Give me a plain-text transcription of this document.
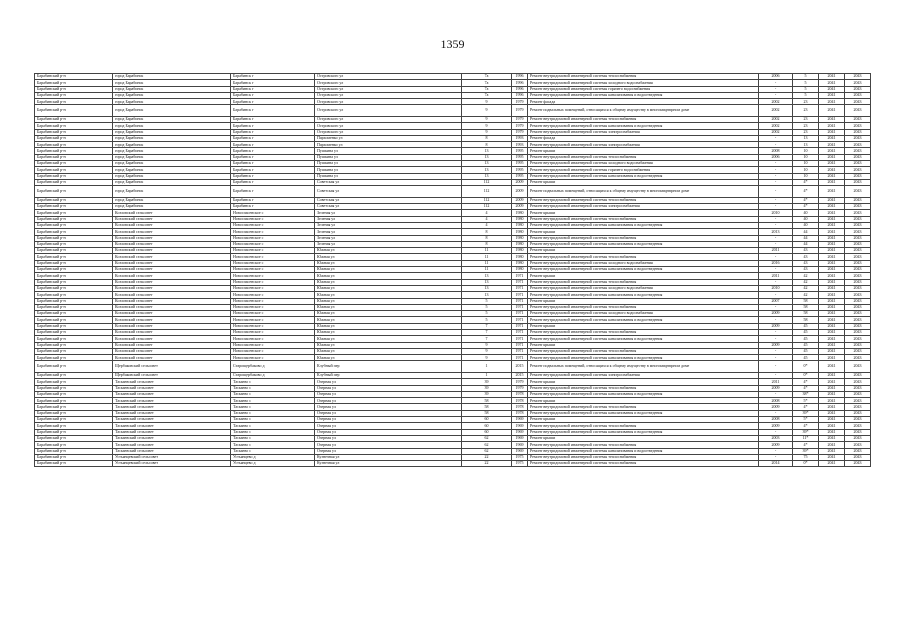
1359
Барабинский р-н	город Барабинск	Барабинск г	Островского ул	7а	1996	Ремонт внутридомовой инженерной системы теплоснабжения	2006	5	2041	2043
Барабинский р-н	город Барабинск	Барабинск г	Островского ул	7а	1996	Ремонт внутридомовой инженерной системы холодного водоснабжения	-	5	2041	2043
Барабинский р-н	город Барабинск	Барабинск г	Островского ул	7а	1996	Ремонт внутридомовой инженерной системы горячего водоснабжения	-	5	2041	2043
Барабинский р-н	город Барабинск	Барабинск г	Островского ул	7а	1996	Ремонт внутридомовой инженерной системы канализования и водоотведения	-	5	2041	2043
Барабинский р-н	город Барабинск	Барабинск г	Островского ул	9	1979	Ремонт фасада	2002	23	2041	2043
Барабинский р-н	город Барабинск	Барабинск г	Островского ул	9	1979	Ремонт подвальных помещений, относящихся к общему имуществу в многоквартирном доме	2002	23	2041	2043
Барабинский р-н	город Барабинск	Барабинск г	Островского ул	9	1979	Ремонт внутридомовой инженерной системы теплоснабжения	2002	23	2041	2043
Барабинский р-н	город Барабинск	Барабинск г	Островского ул	9	1979	Ремонт внутридомовой инженерной системы канализования и водоотведения	2002	23	2041	2043
Барабинский р-н	город Барабинск	Барабинск г	Островского ул	9	1979	Ремонт внутридомовой инженерной системы электроснабжения	2002	23	2041	2043
Барабинский р-н	город Барабинск	Барабинск г	Пархоменко ул	8	1993	Ремонт фасада	-	13	2041	2043
Барабинский р-н	город Барабинск	Барабинск г	Пархоменко ул	8	1993	Ремонт внутридомовой инженерной системы электроснабжения	-	13	2041	2043
Барабинский р-н	город Барабинск	Барабинск г	Пушкина ул	13	1995	Ремонт крыши	2008	10	2041	2043
Барабинский р-н	город Барабинск	Барабинск г	Пушкина ул	13	1995	Ремонт внутридомовой инженерной системы теплоснабжения	2006	10	2041	2043
Барабинский р-н	город Барабинск	Барабинск г	Пушкина ул	13	1995	Ремонт внутридомовой инженерной системы холодного водоснабжения	-	10	2041	2043
Барабинский р-н	город Барабинск	Барабинск г	Пушкина ул	13	1995	Ремонт внутридомовой инженерной системы горячего водоснабжения	-	10	2041	2043
Барабинский р-н	город Барабинск	Барабинск г	Пушкина ул	13	1995	Ремонт внутридомовой инженерной системы канализования и водоотведения	-	10	2041	2043
Барабинский р-н	город Барабинск	Барабинск г	Советская ул	112	2009	Ремонт крыши	-	4*	2041	2043
Барабинский р-н	город Барабинск	Барабинск г	Советская ул	112	2009	Ремонт подвальных помещений, относящихся к общему имуществу в многоквартирном доме	-	4*	2041	2043
Барабинский р-н	город Барабинск	Барабинск г	Советская ул	112	2009	Ремонт внутридомовой инженерной системы теплоснабжения	-	4*	2041	2043
Барабинский р-н	город Барабинск	Барабинск г	Советская ул	112	2009	Ремонт внутридомовой инженерной системы электроснабжения	-	4*	2041	2043
Барабинский р-н	Козловский сельсовет	Новоспасенское с	Зеленая ул	4	1980	Ремонт крыши	2010	40	2041	2043
Барабинский р-н	Козловский сельсовет	Новоспасенское с	Зеленая ул	4	1980	Ремонт внутридомовой инженерной системы теплоснабжения	-	40	2041	2043
Барабинский р-н	Козловский сельсовет	Новоспасенское с	Зеленая ул	4	1980	Ремонт внутридомовой инженерной системы канализования и водоотведения	-	40	2041	2043
Барабинский р-н	Козловский сельсовет	Новоспасенское с	Зеленая ул	8	1980	Ремонт крыши	2013	44	2041	2043
Барабинский р-н	Козловский сельсовет	Новоспасенское с	Зеленая ул	8	1980	Ремонт внутридомовой инженерной системы теплоснабжения	-	44	2041	2043
Барабинский р-н	Козловский сельсовет	Новоспасенское с	Зеленая ул	8	1980	Ремонт внутридомовой инженерной системы канализования и водоотведения	-	44	2041	2043
Барабинский р-н	Козловский сельсовет	Новоспасенское с	Южная ул	11	1980	Ремонт крыши	2011	43	2041	2043
Барабинский р-н	Козловский сельсовет	Новоспасенское с	Южная ул	11	1980	Ремонт внутридомовой инженерной системы теплоснабжения	-	43	2041	2043
Барабинский р-н	Козловский сельсовет	Новоспасенское с	Южная ул	11	1980	Ремонт внутридомовой инженерной системы холодного водоснабжения	2016	43	2041	2043
Барабинский р-н	Козловский сельсовет	Новоспасенское с	Южная ул	11	1980	Ремонт внутридомовой инженерной системы канализования и водоотведения	-	43	2041	2043
Барабинский р-н	Козловский сельсовет	Новоспасенское с	Южная ул	13	1971	Ремонт крыши	2011	42	2041	2043
Барабинский р-н	Козловский сельсовет	Новоспасенское с	Южная ул	13	1971	Ремонт внутридомовой инженерной системы теплоснабжения	-	42	2041	2043
Барабинский р-н	Козловский сельсовет	Новоспасенское с	Южная ул	13	1971	Ремонт внутридомовой инженерной системы холодного водоснабжения	2010	42	2041	2043
Барабинский р-н	Козловский сельсовет	Новоспасенское с	Южная ул	13	1971	Ремонт внутридомовой инженерной системы канализования и водоотведения	-	42	2041	2043
Барабинский р-н	Козловский сельсовет	Новоспасенское с	Южная ул	5	1971	Ремонт крыши	2007	58	2041	2043
Барабинский р-н	Козловский сельсовет	Новоспасенское с	Южная ул	5	1971	Ремонт внутридомовой инженерной системы теплоснабжения	-	58	2041	2043
Барабинский р-н	Козловский сельсовет	Новоспасенское с	Южная ул	5	1971	Ремонт внутридомовой инженерной системы холодного водоснабжения	2009	58	2041	2043
Барабинский р-н	Козловский сельсовет	Новоспасенское с	Южная ул	5	1971	Ремонт внутридомовой инженерной системы канализования и водоотведения	-	58	2041	2043
Барабинский р-н	Козловский сельсовет	Новоспасенское с	Южная ул	7	1971	Ремонт крыши	2009	45	2041	2043
Барабинский р-н	Козловский сельсовет	Новоспасенское с	Южная ул	7	1971	Ремонт внутридомовой инженерной системы теплоснабжения	-	45	2041	2043
Барабинский р-н	Козловский сельсовет	Новоспасенское с	Южная ул	7	1971	Ремонт внутридомовой инженерной системы канализования и водоотведения	-	45	2041	2043
Барабинский р-н	Козловский сельсовет	Новоспасенское с	Южная ул	9	1971	Ремонт крыши	2009	45	2041	2043
Барабинский р-н	Козловский сельсовет	Новоспасенское с	Южная ул	9	1971	Ремонт внутридомовой инженерной системы теплоснабжения	-	45	2041	2043
Барабинский р-н	Козловский сельсовет	Новоспасенское с	Южная ул	9	1971	Ремонт внутридомовой инженерной системы канализования и водоотведения	-	45	2041	2043
Барабинский р-н	Щербаковский сельсовет	Старощербаково д	Клубный пер	1	2015	Ремонт подвальных помещений, относящихся к общему имуществу в многоквартирном доме	-	0*	2041	2043
Барабинский р-н	Щербаковский сельсовет	Старощербаково д	Клубный пер	1	2015	Ремонт внутридомовой инженерной системы электроснабжения	-	0*	2041	2043
Барабинский р-н	Таскаевский сельсовет	Таскаево с	Озерная ул	39	1979	Ремонт крыши	2011	4*	2041	2043
Барабинский р-н	Таскаевский сельсовет	Таскаево с	Озерная ул	39	1979	Ремонт внутридомовой инженерной системы теплоснабжения	2009	4*	2041	2043
Барабинский р-н	Таскаевский сельсовет	Таскаево с	Озерная ул	39	1978	Ремонт внутридомовой инженерной системы канализования и водоотведения	-	38*	2041	2043
Барабинский р-н	Таскаевский сельсовет	Таскаево с	Озерная ул	58	1978	Ремонт крыши	2008	5*	2041	2043
Барабинский р-н	Таскаевский сельсовет	Таскаево с	Озерная ул	58	1978	Ремонт внутридомовой инженерной системы теплоснабжения	2009	4*	2041	2043
Барабинский р-н	Таскаевский сельсовет	Таскаево с	Озерная ул	58	1978	Ремонт внутридомовой инженерной системы канализования и водоотведения	-	39*	2041	2043
Барабинский р-н	Таскаевский сельсовет	Таскаево с	Озерная ул	60	1969	Ремонт крыши	2008	5*	2041	2043
Барабинский р-н	Таскаевский сельсовет	Таскаево с	Озерная ул	60	1969	Ремонт внутридомовой инженерной системы теплоснабжения	2009	4*	2041	2043
Барабинский р-н	Таскаевский сельсовет	Таскаево с	Озерная ул	60	1969	Ремонт внутридомовой инженерной системы канализования и водоотведения	-	39*	2041	2043
Барабинский р-н	Таскаевский сельсовет	Таскаево с	Озерная ул	62	1969	Ремонт крыши	2003	11*	2041	2043
Барабинский р-н	Таскаевский сельсовет	Таскаево с	Озерная ул	62	1969	Ремонт внутридомовой инженерной системы теплоснабжения	2009	4*	2041	2043
Барабинский р-н	Таскаевский сельсовет	Таскаево с	Озерная ул	62	1969	Ремонт внутридомовой инженерной системы канализования и водоотведения	-	39*	2041	2043
Барабинский р-н	Устьянцевский сельсовет	Устьянцево д	Кузнечная ул	22	1975	Ремонт внутридомовой инженерной системы теплоснабжения	-	75	2041	2043
Барабинский р-н	Устьянцевский сельсовет	Устьянцево д	Кузнечная ул	22	1975	Ремонт внутридомовой инженерной системы теплоснабжения	2014	0*	2041	2043
